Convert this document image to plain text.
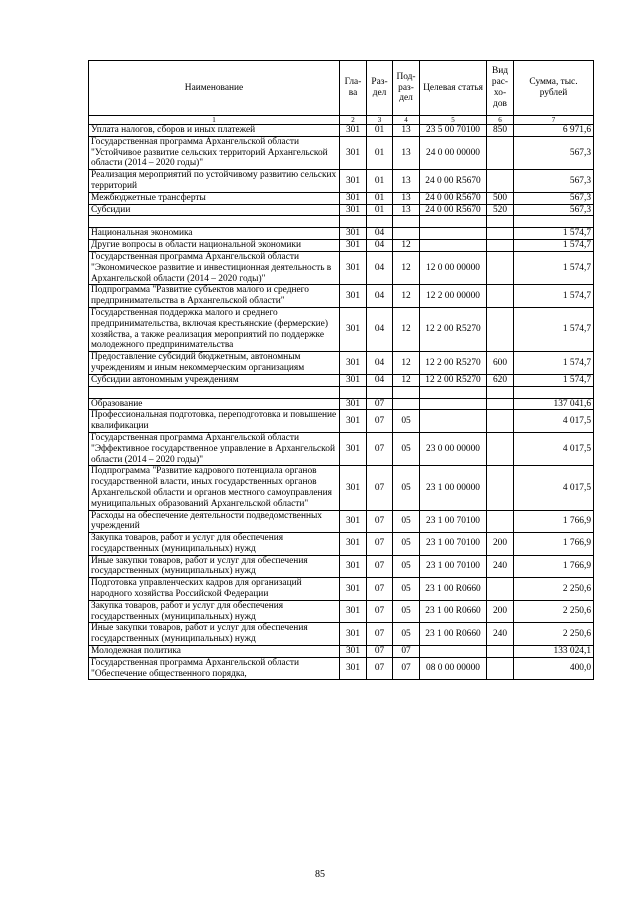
Наименование	Гла-ва	Раз-дел	Под-раз-дел	Целевая статья	Вид рас-хо-дов	Сумма, тыс. рублей
1	2	3	4	5	6	7
Уплата налогов, сборов и иных платежей	301	01	13	23 5 00 70100	850	6 971,6
Государственная программа Архангельской области "Устойчивое развитие сельских территорий Архангельской области (2014 – 2020 годы)"	301	01	13	24 0 00 00000		567,3
Реализация мероприятий по устойчивому развитию сельских территорий	301	01	13	24 0 00 R5670		567,3
Межбюджетные трансферты	301	01	13	24 0 00 R5670	500	567,3
Субсидии	301	01	13	24 0 00 R5670	520	567,3

Национальная экономика	301	04				1 574,7
Другие вопросы в области национальной экономики	301	04	12			1 574,7
Государственная программа Архангельской области "Экономическое развитие и инвестиционная деятельность в Архангельской области (2014 – 2020 годы)"	301	04	12	12 0 00 00000		1 574,7
Подпрограмма "Развитие субъектов малого и среднего предпринимательства в Архангельской области"	301	04	12	12 2 00 00000		1 574,7
Государственная поддержка малого и среднего предпринимательства, включая крестьянские (фермерские) хозяйства, а также реализация мероприятий по поддержке молодежного предпринимательства	301	04	12	12 2 00 R5270		1 574,7
Предоставление субсидий бюджетным, автономным учреждениям и иным некоммерческим организациям	301	04	12	12 2 00 R5270	600	1 574,7
Субсидии автономным учреждениям	301	04	12	12 2 00 R5270	620	1 574,7

Образование	301	07				137 041,6
Профессиональная подготовка, переподготовка и повышение квалификации	301	07	05			4 017,5
Государственная программа Архангельской области "Эффективное государственное управление в Архангельской области (2014 – 2020 годы)"	301	07	05	23 0 00 00000		4 017,5
Подпрограмма "Развитие кадрового потенциала органов государственной власти, иных государственных органов Архангельской области и органов местного самоуправления муниципальных образований Архангельской области"	301	07	05	23 1 00 00000		4 017,5
Расходы на обеспечение деятельности подведомственных учреждений	301	07	05	23 1 00 70100		1 766,9
Закупка товаров, работ и услуг для обеспечения государственных (муниципальных) нужд	301	07	05	23 1 00 70100	200	1 766,9
Иные закупки товаров, работ и услуг для обеспечения государственных (муниципальных) нужд	301	07	05	23 1 00 70100	240	1 766,9
Подготовка управленческих кадров для организаций народного хозяйства Российской Федерации	301	07	05	23 1 00 R0660		2 250,6
Закупка товаров, работ и услуг для обеспечения государственных (муниципальных) нужд	301	07	05	23 1 00 R0660	200	2 250,6
Иные закупки товаров, работ и услуг для обеспечения государственных (муниципальных) нужд	301	07	05	23 1 00 R0660	240	2 250,6
Молодежная политика	301	07	07			133 024,1
Государственная программа Архангельской области "Обеспечение общественного порядка,	301	07	07	08 0 00 00000		400,0
85
